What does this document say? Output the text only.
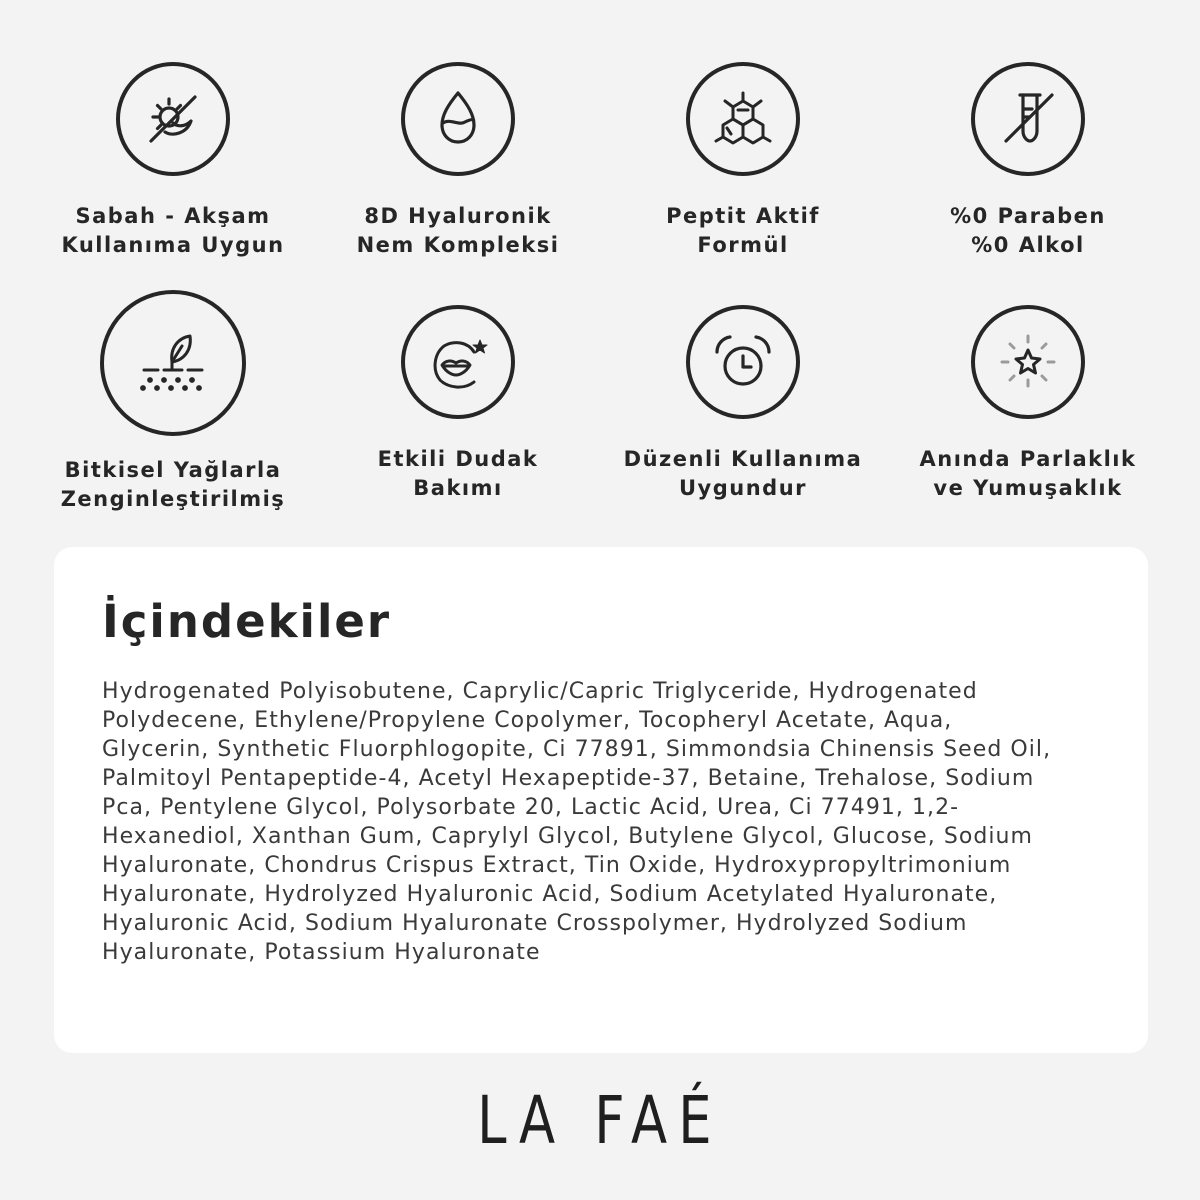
Sabah - Akşam
Kullanıma Uygun
8D Hyaluronik
Nem Kompleksi
Peptit Aktif
Formül
%0 Paraben
%0 Alkol
Bitkisel Yağlarla
Zenginleştirilmiş
Etkili Dudak
Bakımı
Düzenli Kullanıma
Uygundur
Anında Parlaklık
ve Yumuşaklık
İçindekiler
Hydrogenated Polyisobutene, Caprylic/Capric Triglyceride, Hydrogenated
Polydecene, Ethylene/Propylene Copolymer, Tocopheryl Acetate, Aqua,
Glycerin, Synthetic Fluorphlogopite, Ci 77891, Simmondsia Chinensis Seed Oil,
Palmitoyl Pentapeptide-4, Acetyl Hexapeptide-37, Betaine, Trehalose, Sodium
Pca, Pentylene Glycol, Polysorbate 20, Lactic Acid, Urea, Ci 77491, 1,2-
Hexanediol, Xanthan Gum, Caprylyl Glycol, Butylene Glycol, Glucose, Sodium
Hyaluronate, Chondrus Crispus Extract, Tin Oxide, Hydroxypropyltrimonium
Hyaluronate, Hydrolyzed Hyaluronic Acid, Sodium Acetylated Hyaluronate,
Hyaluronic Acid, Sodium Hyaluronate Crosspolymer, Hydrolyzed Sodium
Hyaluronate, Potassium Hyaluronate
LA FAÉ
